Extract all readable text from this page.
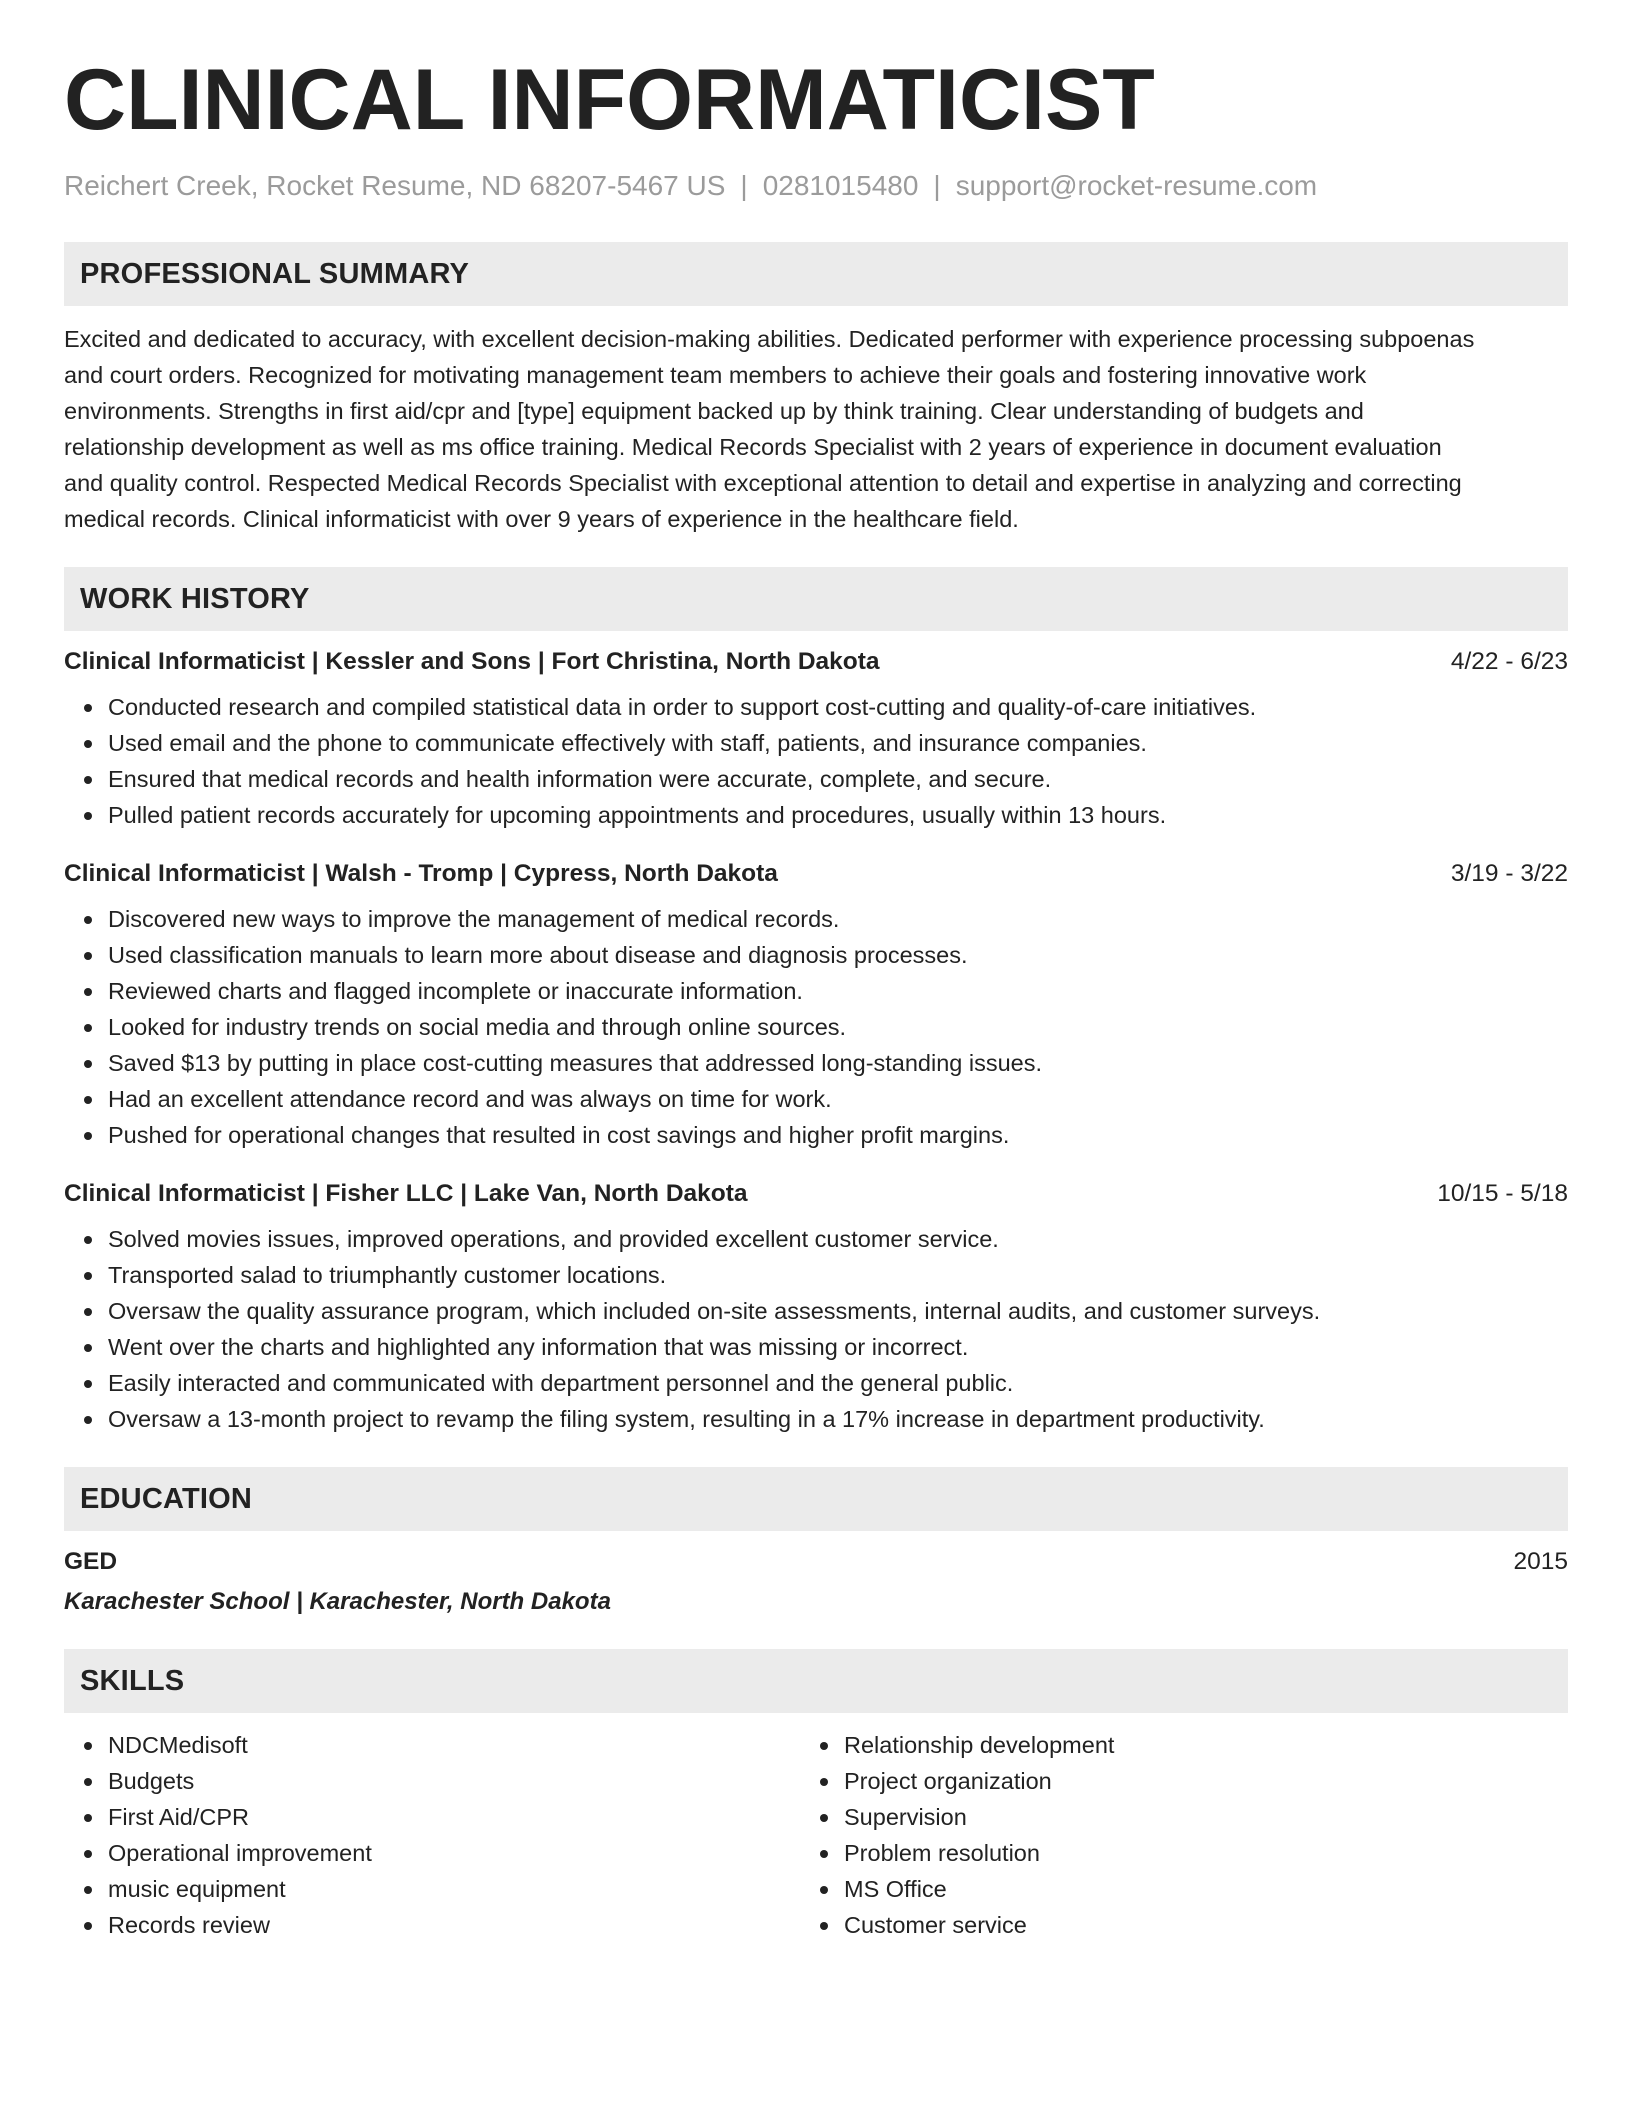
CLINICAL INFORMATICIST
Reichert Creek, Rocket Resume, ND 68207-5467 US | 0281015480 | support@rocket-resume.com
PROFESSIONAL SUMMARY
Excited and dedicated to accuracy, with excellent decision-making abilities. Dedicated performer with experience processing subpoenas
and court orders. Recognized for motivating management team members to achieve their goals and fostering innovative work
environments. Strengths in first aid/cpr and [type] equipment backed up by think training. Clear understanding of budgets and
relationship development as well as ms office training. Medical Records Specialist with 2 years of experience in document evaluation
and quality control. Respected Medical Records Specialist with exceptional attention to detail and expertise in analyzing and correcting
medical records. Clinical informaticist with over 9 years of experience in the healthcare field.
WORK HISTORY
Clinical Informaticist | Kessler and Sons | Fort Christina, North Dakota	4/22 - 6/23
Conducted research and compiled statistical data in order to support cost-cutting and quality-of-care initiatives.
Used email and the phone to communicate effectively with staff, patients, and insurance companies.
Ensured that medical records and health information were accurate, complete, and secure.
Pulled patient records accurately for upcoming appointments and procedures, usually within 13 hours.
Clinical Informaticist | Walsh - Tromp | Cypress, North Dakota	3/19 - 3/22
Discovered new ways to improve the management of medical records.
Used classification manuals to learn more about disease and diagnosis processes.
Reviewed charts and flagged incomplete or inaccurate information.
Looked for industry trends on social media and through online sources.
Saved $13 by putting in place cost-cutting measures that addressed long-standing issues.
Had an excellent attendance record and was always on time for work.
Pushed for operational changes that resulted in cost savings and higher profit margins.
Clinical Informaticist | Fisher LLC | Lake Van, North Dakota	10/15 - 5/18
Solved movies issues, improved operations, and provided excellent customer service.
Transported salad to triumphantly customer locations.
Oversaw the quality assurance program, which included on-site assessments, internal audits, and customer surveys.
Went over the charts and highlighted any information that was missing or incorrect.
Easily interacted and communicated with department personnel and the general public.
Oversaw a 13-month project to revamp the filing system, resulting in a 17% increase in department productivity.
EDUCATION
GED	2015
Karachester School | Karachester, North Dakota
SKILLS
NDCMedisoft
Budgets
First Aid/CPR
Operational improvement
music equipment
Records review
Relationship development
Project organization
Supervision
Problem resolution
MS Office
Customer service
